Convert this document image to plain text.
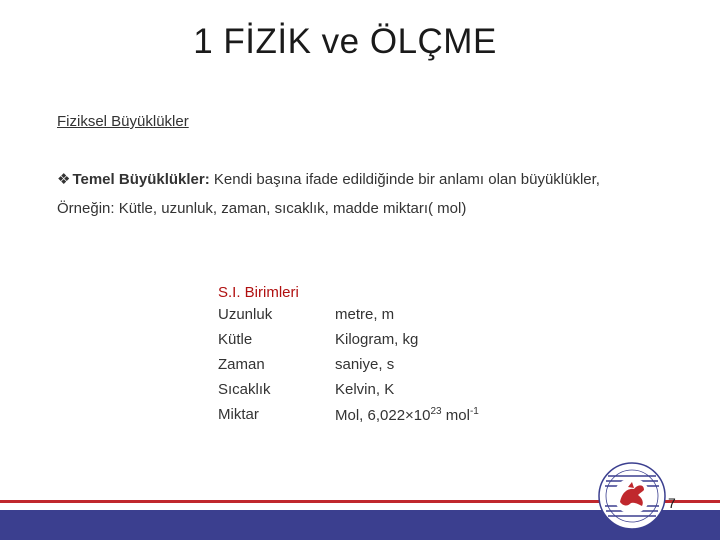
1 FİZİK ve ÖLÇME
Fiziksel Büyüklükler
❖ Temel Büyüklükler: Kendi başına ifade edildiğinde bir anlamı olan büyüklükler,
Örneğin: Kütle, uzunluk, zaman, sıcaklık, madde miktarı( mol)
S.I. Birimleri
Uzunluk	metre, m
Kütle	Kilogram, kg
Zaman	saniye, s
Sıcaklık	Kelvin, K
Miktar	Mol, $6,022\times 10^{23}$ mol$^{-1}$
7
